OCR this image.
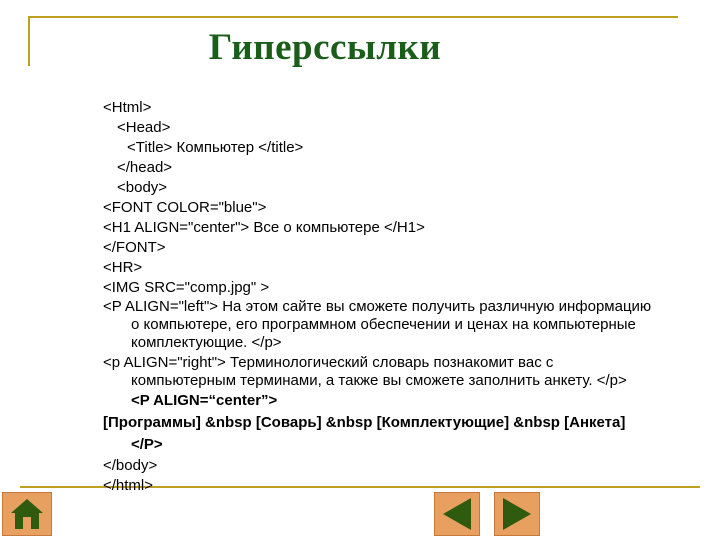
Гиперссылки
<Html>
<Head>
<Title> Компьютер </title>
</head>
<body>
<FONT COLOR="blue">
<H1 ALIGN="center"> Все о компьютере </H1>
</FONT>
<HR>
<IMG SRC="comp.jpg" >
<P ALIGN="left"> На этом сайте вы сможете получить различную информацию
о компьютере, его программном обеспечении и ценах на компьютерные
комплектующие. </p>
<p ALIGN="right"> Терминологический словарь познакомит вас с
компьютерным терминами, а также вы сможете заполнить анкету. </p>
<P ALIGN=“center”>
[Программы] &nbsp [Соварь] &nbsp [Комплектующие] &nbsp [Анкета]
</P>
</body>
</html>
